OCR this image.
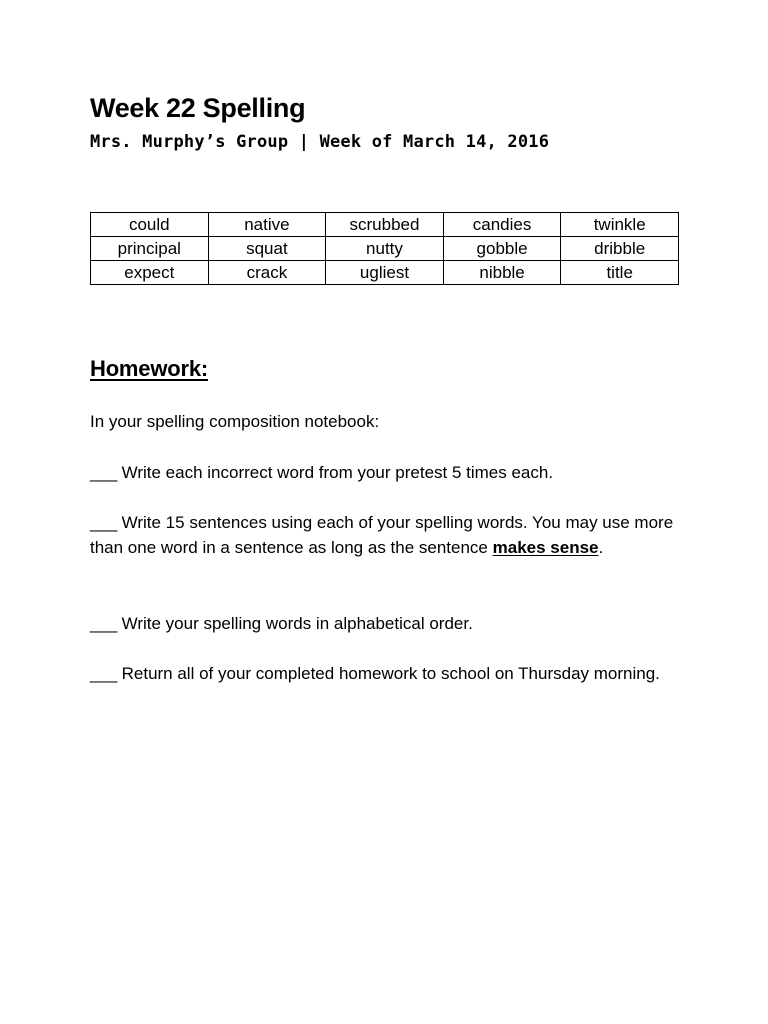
Week 22 Spelling
Mrs. Murphy’s Group | Week of March 14, 2016
could	native	scrubbed	candies	twinkle
principal	squat	nutty	gobble	dribble
expect	crack	ugliest	nibble	title
Homework:

In your spelling composition notebook:

___ Write each incorrect word from your pretest 5 times each.

___ Write 15 sentences using each of your spelling words. You may use more than one word in a sentence as long as the sentence makes sense.

___ Write your spelling words in alphabetical order.

___ Return all of your completed homework to school on Thursday morning.
